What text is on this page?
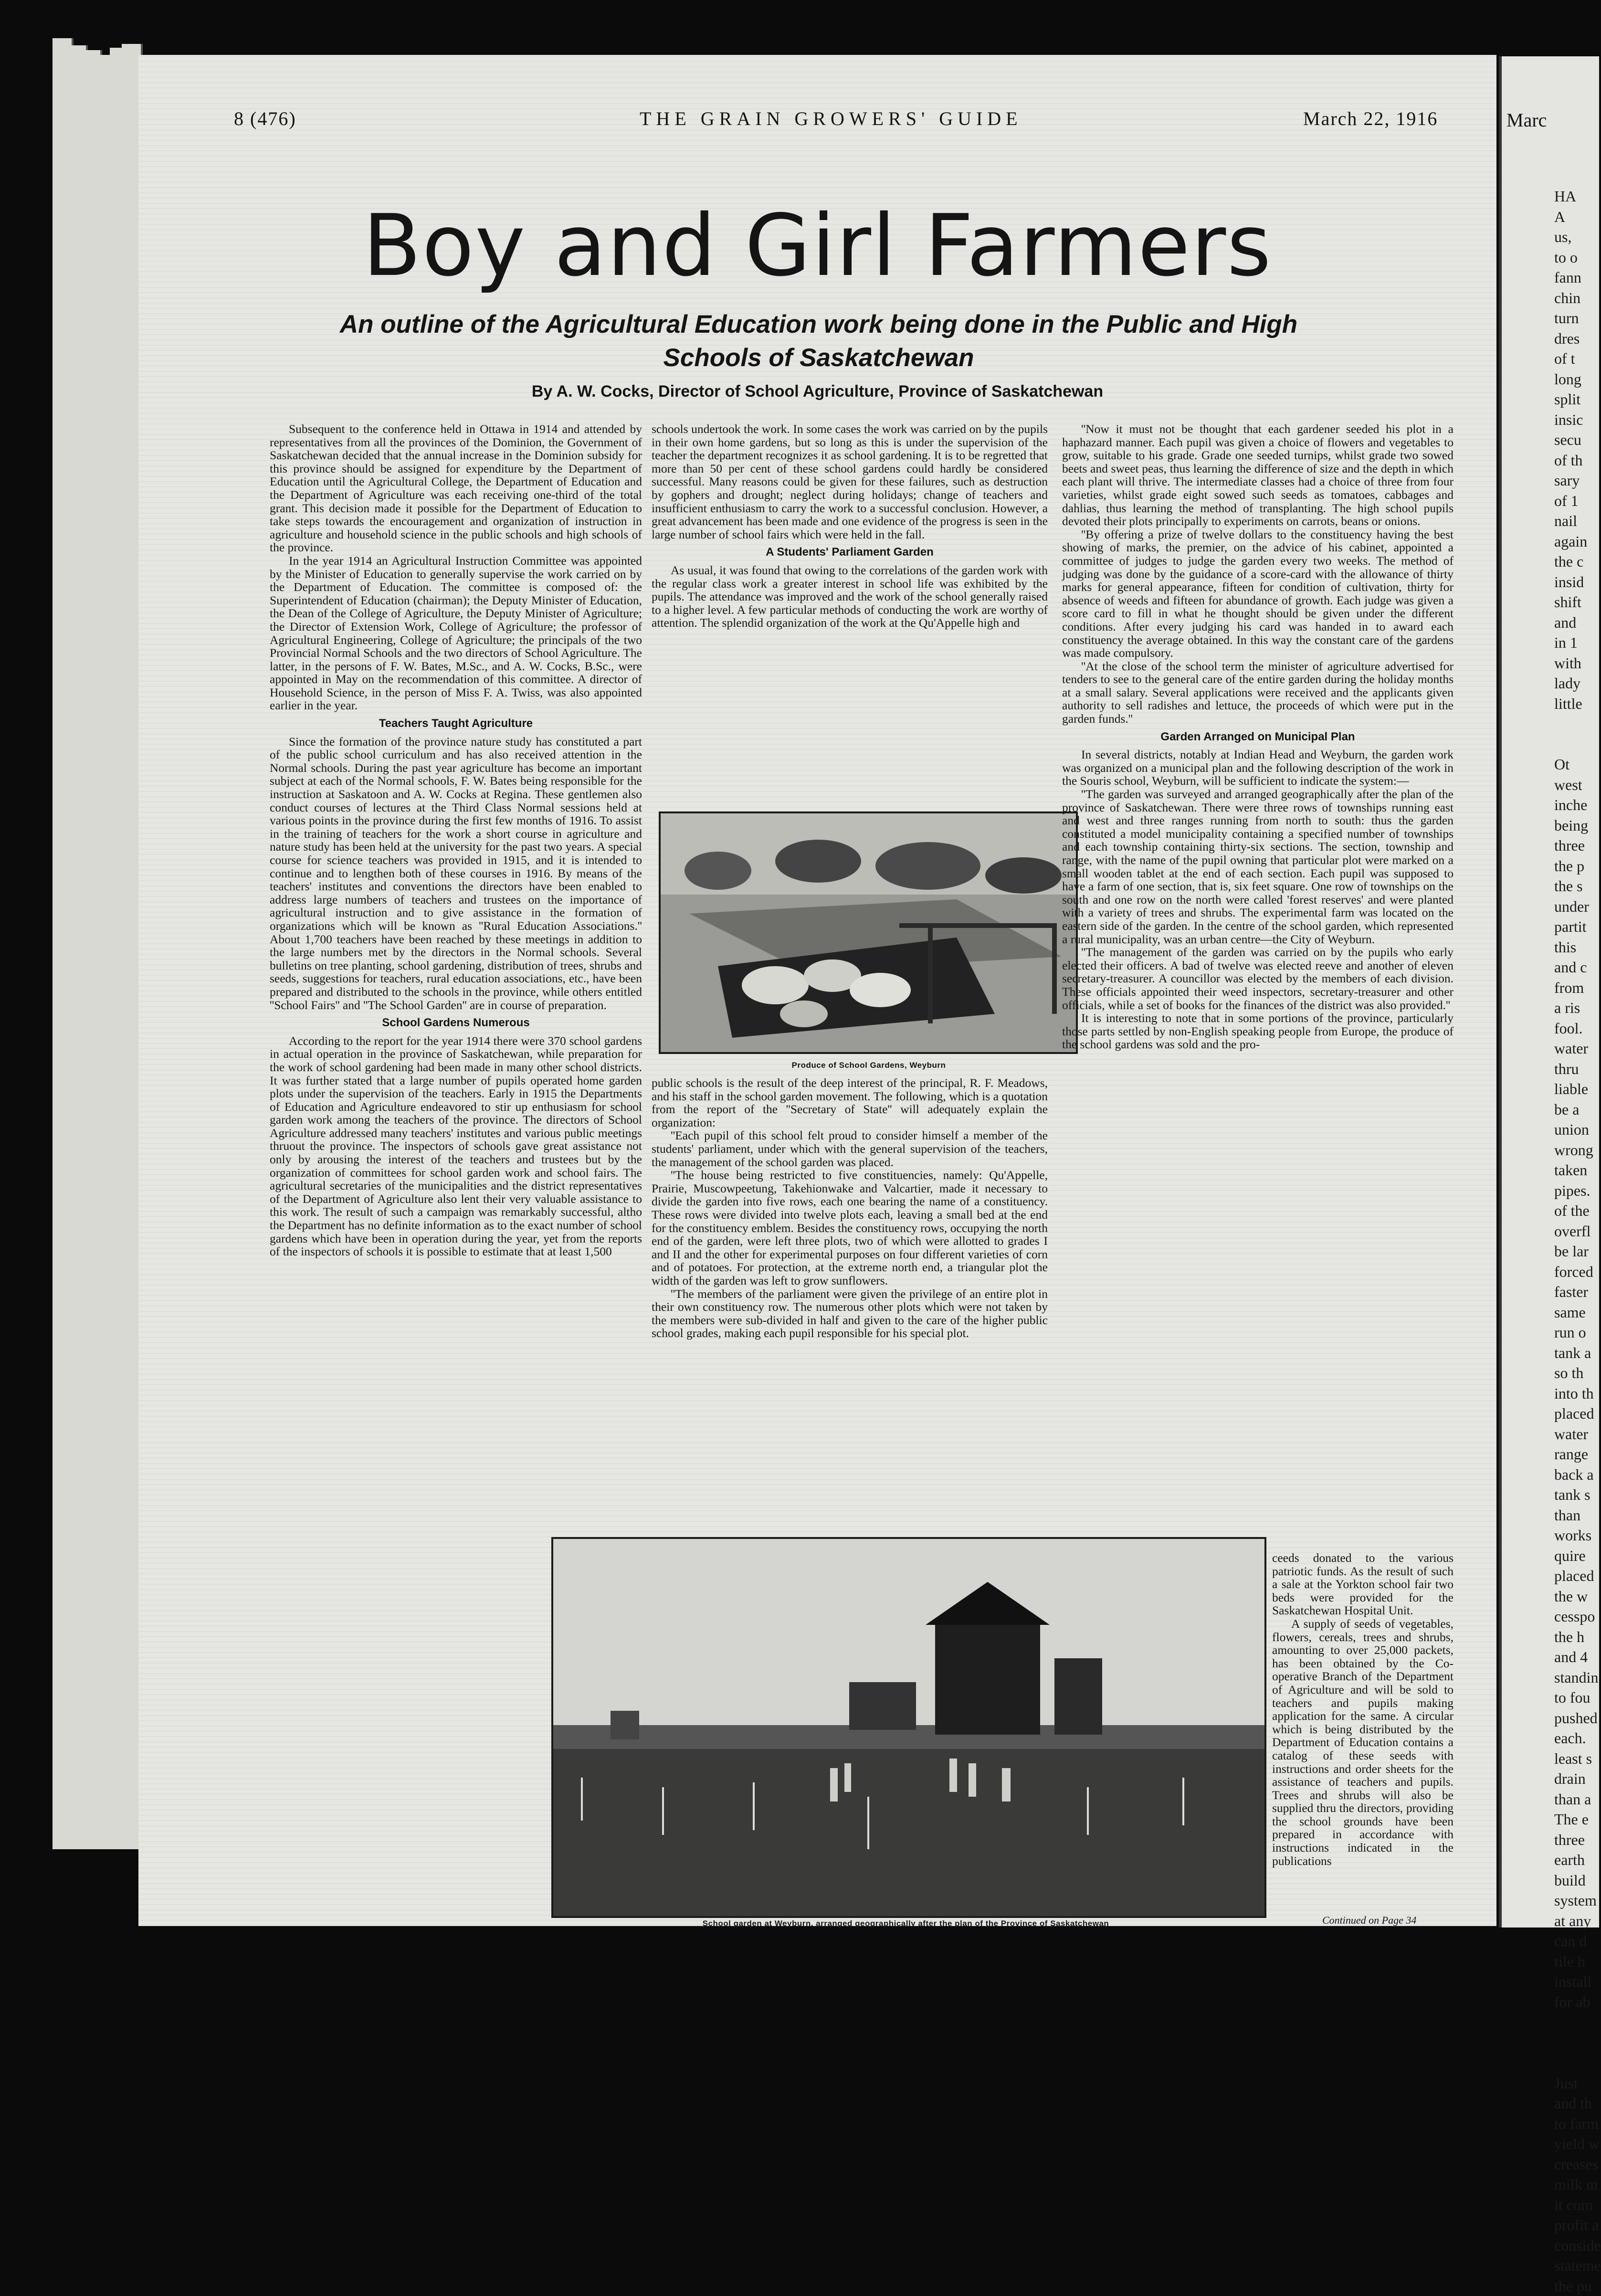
8 (476)	THE GRAIN GROWERS' GUIDE	March 22, 1916
Boy and Girl Farmers
An outline of the Agricultural Education work being done in the Public and High Schools of Saskatchewan
By A. W. Cocks, Director of School Agriculture, Province of Saskatchewan

Subsequent to the conference held in Ottawa in 1914 and attended by representatives from all the provinces of the Dominion, the Government of Saskatchewan decided that the annual increase in the Dominion subsidy for this province should be assigned for expenditure by the Department of Education until the Agricultural College, the Department of Education and the Department of Agriculture was each receiving one-third of the total grant. This decision made it possible for the Department of Education to take steps towards the encouragement and organization of instruction in agriculture and household science in the public schools and high schools of the province.

In the year 1914 an Agricultural Instruction Committee was appointed by the Minister of Education to generally supervise the work carried on by the Department of Education. The committee is composed of: the Superintendent of Education (chairman); the Deputy Minister of Education, the Dean of the College of Agriculture, the Deputy Minister of Agriculture; the Director of Extension Work, College of Agriculture; the professor of Agricultural Engineering, College of Agriculture; the principals of the two Provincial Normal Schools and the two directors of School Agriculture. The latter, in the persons of F. W. Bates, M.Sc., and A. W. Cocks, B.Sc., were appointed in May on the recommendation of this committee. A director of Household Science, in the person of Miss F. A. Twiss, was also appointed earlier in the year.

Teachers Taught Agriculture

Since the formation of the province nature study has constituted a part of the public school curriculum and has also received attention in the Normal schools. During the past year agriculture has become an important subject at each of the Normal schools, F. W. Bates being responsible for the instruction at Saskatoon and A. W. Cocks at Regina. These gentlemen also conduct courses of lectures at the Third Class Normal sessions held at various points in the province during the first few months of 1916. To assist in the training of teachers for the work a short course in agriculture and nature study has been held at the university for the past two years. A special course for science teachers was provided in 1915, and it is intended to continue and to lengthen both of these courses in 1916. By means of the teachers' institutes and conventions the directors have been enabled to address large numbers of teachers and trustees on the importance of agricultural instruction and to give assistance in the formation of organizations which will be known as ''Rural Education Associations.'' About 1,700 teachers have been reached by these meetings in addition to the large numbers met by the directors in the Normal schools. Several bulletins on tree planting, school gardening, distribution of trees, shrubs and seeds, suggestions for teachers, rural education associations, etc., have been prepared and distributed to the schools in the province, while others entitled ''School Fairs'' and ''The School Garden'' are in course of preparation.

School Gardens Numerous

According to the report for the year 1914 there were 370 school gardens in actual operation in the province of Saskatchewan, while preparation for the work of school gardening had been made in many other school districts. It was further stated that a large number of pupils operated home garden plots under the supervision of the teachers. Early in 1915 the Departments of Education and Agriculture endeavored to stir up enthusiasm for school garden work among the teachers of the province. The directors of School Agriculture addressed many teachers' institutes and various public meetings thruout the province. The inspectors of schools gave great assistance not only by arousing the interest of the teachers and trustees but by the organization of committees for school garden work and school fairs. The agricultural secretaries of the municipalities and the district representatives of the Department of Agriculture also lent their very valuable assistance to this work. The result of such a campaign was remarkably successful, altho the Department has no definite information as to the exact number of school gardens which have been in operation during the year, yet from the reports of the inspectors of schools it is possible to estimate that at least 1,500

schools undertook the work. In some cases the work was carried on by the pupils in their own home gardens, but so long as this is under the supervision of the teacher the department recognizes it as school gardening. It is to be regretted that more than 50 per cent of these school gardens could hardly be considered successful. Many reasons could be given for these failures, such as destruction by gophers and drought; neglect during holidays; change of teachers and insufficient enthusiasm to carry the work to a successful conclusion. However, a great advancement has been made and one evidence of the progress is seen in the large number of school fairs which were held in the fall.

A Students' Parliament Garden

As usual, it was found that owing to the correlations of the garden work with the regular class work a greater interest in school life was exhibited by the pupils. The attendance was improved and the work of the school generally raised to a higher level. A few particular methods of conducting the work are worthy of attention. The splendid organization of the work at the Qu'Appelle high and

Produce of School Gardens, Weyburn

public schools is the result of the deep interest of the principal, R. F. Meadows, and his staff in the school garden movement. The following, which is a quotation from the report of the ''Secretary of State'' will adequately explain the organization:

''Each pupil of this school felt proud to consider himself a member of the students' parliament, under which with the general supervision of the teachers, the management of the school garden was placed.

''The house being restricted to five constituencies, namely: Qu'Appelle, Prairie, Muscowpeetung, Takehionwake and Valcartier, made it necessary to divide the garden into five rows, each one bearing the name of a constituency. These rows were divided into twelve plots each, leaving a small bed at the end for the constituency emblem. Besides the constituency rows, occupying the north end of the garden, were left three plots, two of which were allotted to grades I and II and the other for experimental purposes on four different varieties of corn and of potatoes. For protection, at the extreme north end, a triangular plot the width of the garden was left to grow sunflowers.

''The members of the parliament were given the privilege of an entire plot in their own constituency row. The numerous other plots which were not taken by the members were sub-divided in half and given to the care of the higher public school grades, making each pupil responsible for his special plot.

''Now it must not be thought that each gardener seeded his plot in a haphazard manner. Each pupil was given a choice of flowers and vegetables to grow, suitable to his grade. Grade one seeded turnips, whilst grade two sowed beets and sweet peas, thus learning the difference of size and the depth in which each plant will thrive. The intermediate classes had a choice of three from four varieties, whilst grade eight sowed such seeds as tomatoes, cabbages and dahlias, thus learning the method of transplanting. The high school pupils devoted their plots principally to experiments on carrots, beans or onions.

''By offering a prize of twelve dollars to the constituency having the best showing of marks, the premier, on the advice of his cabinet, appointed a committee of judges to judge the garden every two weeks. The method of judging was done by the guidance of a score-card with the allowance of thirty marks for general appearance, fifteen for condition of cultivation, thirty for absence of weeds and fifteen for abundance of growth. Each judge was given a score card to fill in what he thought should be given under the different conditions. After every judging his card was handed in to award each constituency the average obtained. In this way the constant care of the gardens was made compulsory.

''At the close of the school term the minister of agriculture advertised for tenders to see to the general care of the entire garden during the holiday months at a small salary. Several applications were received and the applicants given authority to sell radishes and lettuce, the proceeds of which were put in the garden funds.''

Garden Arranged on Municipal Plan

In several districts, notably at Indian Head and Weyburn, the garden work was organized on a municipal plan and the following description of the work in the Souris school, Weyburn, will be sufficient to indicate the system:—

''The garden was surveyed and arranged geographically after the plan of the province of Saskatchewan. There were three rows of townships running east and west and three ranges running from north to south: thus the garden constituted a model municipality containing a specified number of townships and each township containing thirty-six sections. The section, township and range, with the name of the pupil owning that particular plot were marked on a small wooden tablet at the end of each section. Each pupil was supposed to have a farm of one section, that is, six feet square. One row of townships on the south and one row on the north were called 'forest reserves' and were planted with a variety of trees and shrubs. The experimental farm was located on the eastern side of the garden. In the centre of the school garden, which represented a rural municipality, was an urban centre—the City of Weyburn.

''The management of the garden was carried on by the pupils who early elected their officers. A bad of twelve was elected reeve and another of eleven secretary-treasurer. A councillor was elected by the members of each division. These officials appointed their weed inspectors, secretary-treasurer and other officials, while a set of books for the finances of the district was also provided.''

It is interesting to note that in some portions of the province, particularly those parts settled by non-English speaking people from Europe, the produce of the school gardens was sold and the pro-

ceeds donated to the various patriotic funds. As the result of such a sale at the Yorkton school fair two beds were provided for the Saskatchewan Hospital Unit.

A supply of seeds of vegetables, flowers, cereals, trees and shrubs, amounting to over 25,000 packets, has been obtained by the Co-operative Branch of the Department of Agriculture and will be sold to teachers and pupils making application for the same. A circular which is being distributed by the Department of Education contains a catalog of these seeds with instructions and order sheets for the assistance of teachers and pupils. Trees and shrubs will also be supplied thru the directors, providing the school grounds have been prepared in accordance with instructions indicated in the publications

School garden at Weyburn, arranged geographically after the plan of the Province of Saskatchewan	Continued on Page 34
Marc

HA
A
us,
to o
fann
chin
turn
dres
of t
long
split
insic
secu
of th
sary
of 1
nail
again
the c
insid
shift
and
in 1
with
lady
little

Ot
west
inche
being
three
the p
the s
under
partit
this
and c
from
a ris
fool.
water
thru
liable
be a
union
wrong
taken
pipes.
of the
overfl
be lar
forced
faster
same
run o
tank a
so th
into th
placed
water
range
back a
tank s
than
works
quire
placed
the w
cesspo
the h
and 4
standin
to fou
pushed
each.
least s
drain
than a
The e
three
earth
build
system
at any
can d
tile h
install
for ab

Just
and th
to farm
yield w
creases
milk m
it com
profit a
conside
stateme
the pu
